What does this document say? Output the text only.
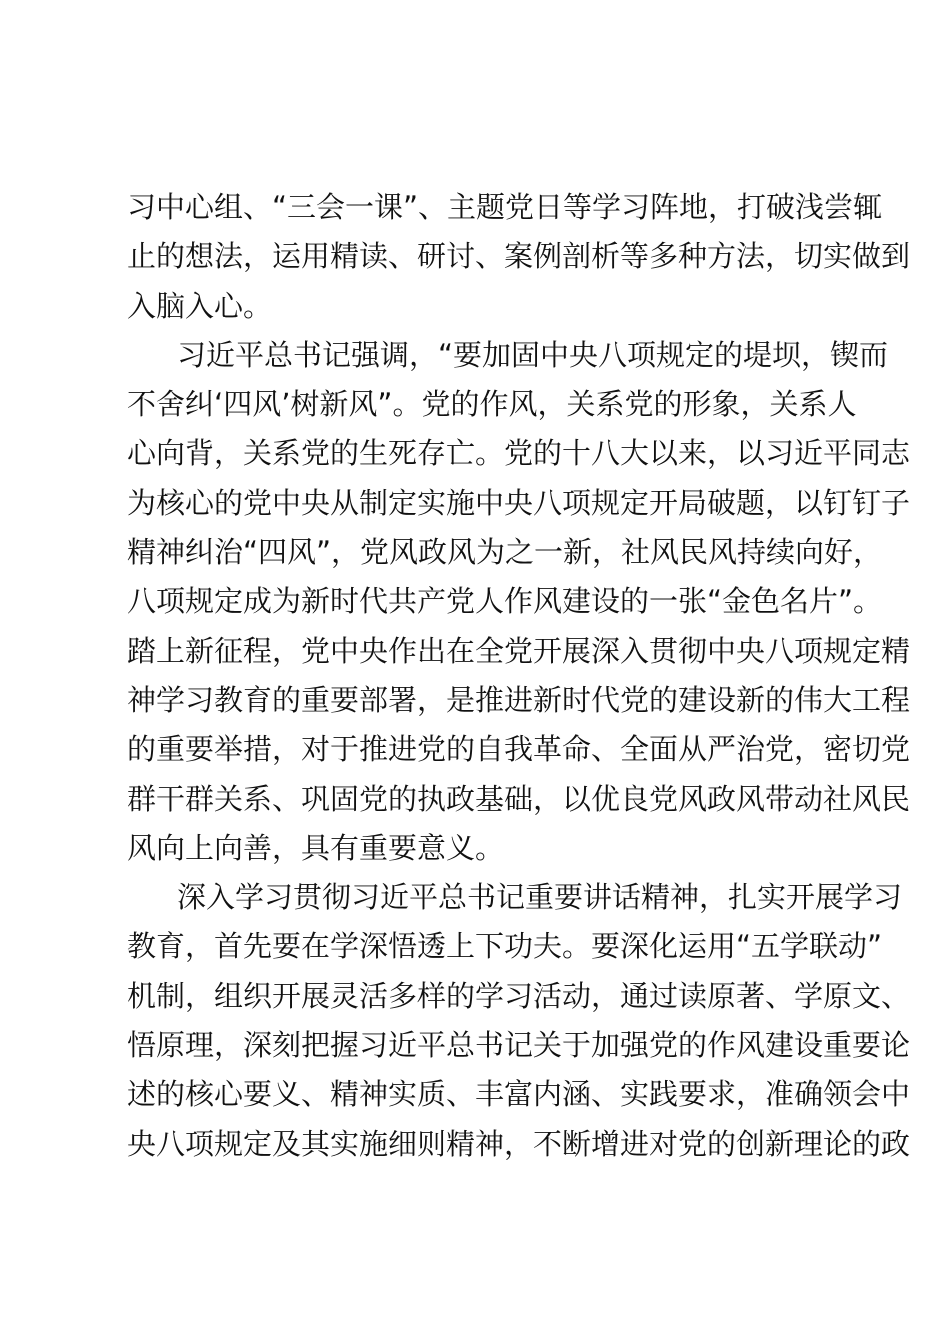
习中心组、“三会一课”、主题党日等学习阵地，打破浅尝辄
止的想法，运用精读、研讨、案例剖析等多种方法，切实做到
入脑入心。
习近平总书记强调，“要加固中央八项规定的堤坝，锲而
不舍纠‘四风’树新风”。党的作风，关系党的形象，关系人
心向背，关系党的生死存亡。党的十八大以来，以习近平同志
为核心的党中央从制定实施中央八项规定开局破题，以钉钉子
精神纠治“四风”，党风政风为之一新，社风民风持续向好，
八项规定成为新时代共产党人作风建设的一张“金色名片”。
踏上新征程，党中央作出在全党开展深入贯彻中央八项规定精
神学习教育的重要部署，是推进新时代党的建设新的伟大工程
的重要举措，对于推进党的自我革命、全面从严治党，密切党
群干群关系、巩固党的执政基础，以优良党风政风带动社风民
风向上向善，具有重要意义。
深入学习贯彻习近平总书记重要讲话精神，扎实开展学习
教育，首先要在学深悟透上下功夫。要深化运用“五学联动”
机制，组织开展灵活多样的学习活动，通过读原著、学原文、
悟原理，深刻把握习近平总书记关于加强党的作风建设重要论
述的核心要义、精神实质、丰富内涵、实践要求，准确领会中
央八项规定及其实施细则精神，不断增进对党的创新理论的政
